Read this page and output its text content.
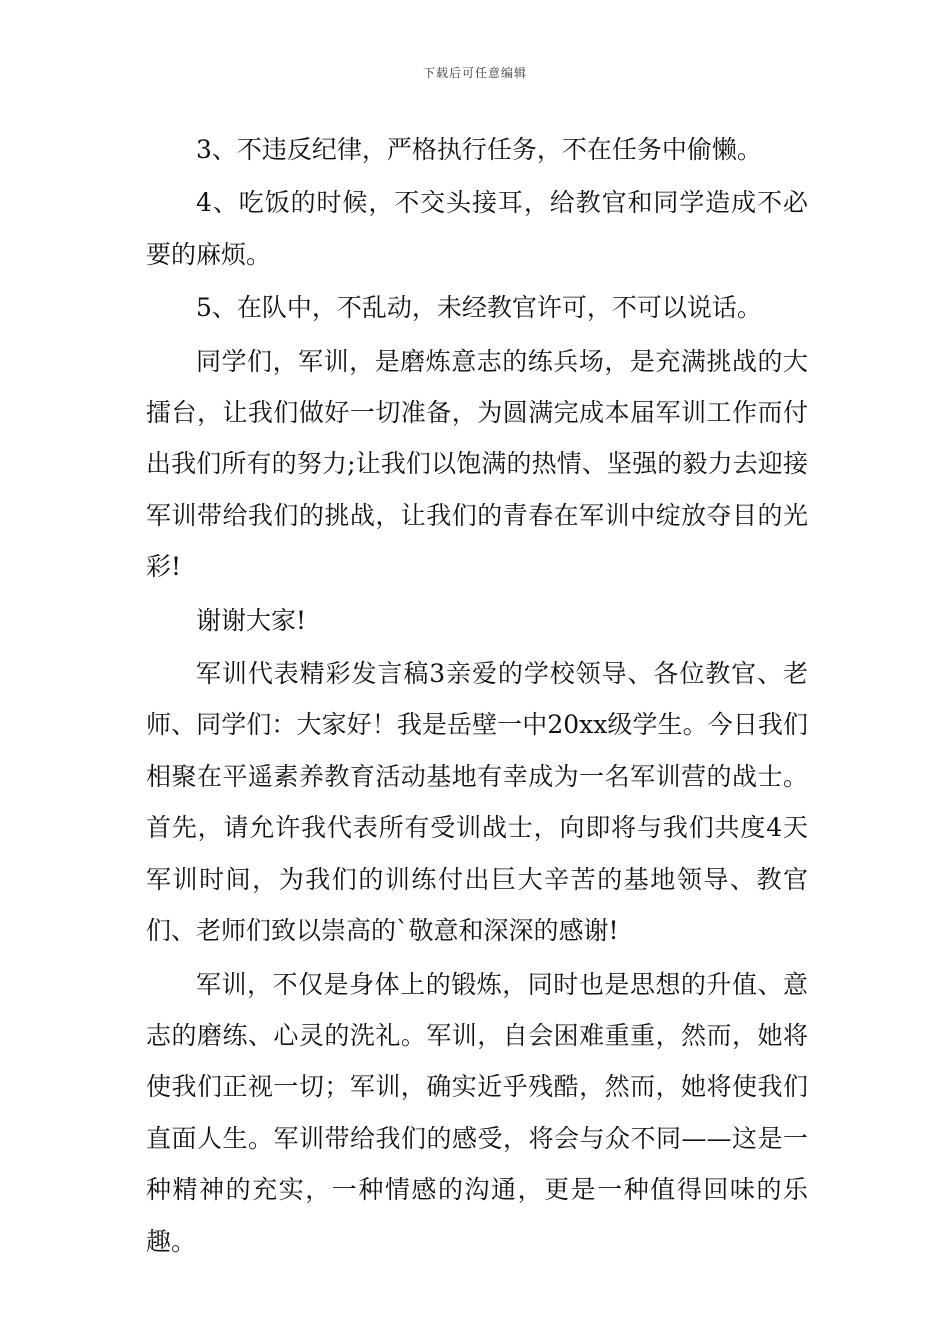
下载后可任意编辑

3、不违反纪律，严格执行任务，不在任务中偷懒。

4、吃饭的时候，不交头接耳，给教官和同学造成不必要的麻烦。

5、在队中，不乱动，未经教官许可，不可以说话。

同学们，军训，是磨炼意志的练兵场，是充满挑战的大擂台，让我们做好一切准备，为圆满完成本届军训工作而付出我们所有的努力;让我们以饱满的热情、坚强的毅力去迎接军训带给我们的挑战，让我们的青春在军训中绽放夺目的光彩!

谢谢大家!

军训代表精彩发言稿3亲爱的学校领导、各位教官、老师、同学们：大家好！我是岳壁一中20xx级学生。今日我们相聚在平遥素养教育活动基地有幸成为一名军训营的战士。首先，请允许我代表所有受训战士，向即将与我们共度4天军训时间，为我们的训练付出巨大辛苦的基地领导、教官们、老师们致以崇高的`敬意和深深的感谢!

军训，不仅是身体上的锻炼，同时也是思想的升值、意志的磨练、心灵的洗礼。军训，自会困难重重，然而，她将使我们正视一切；军训，确实近乎残酷，然而，她将使我们直面人生。军训带给我们的感受，将会与众不同——这是一种精神的充实，一种情感的沟通，更是一种值得回味的乐趣。
